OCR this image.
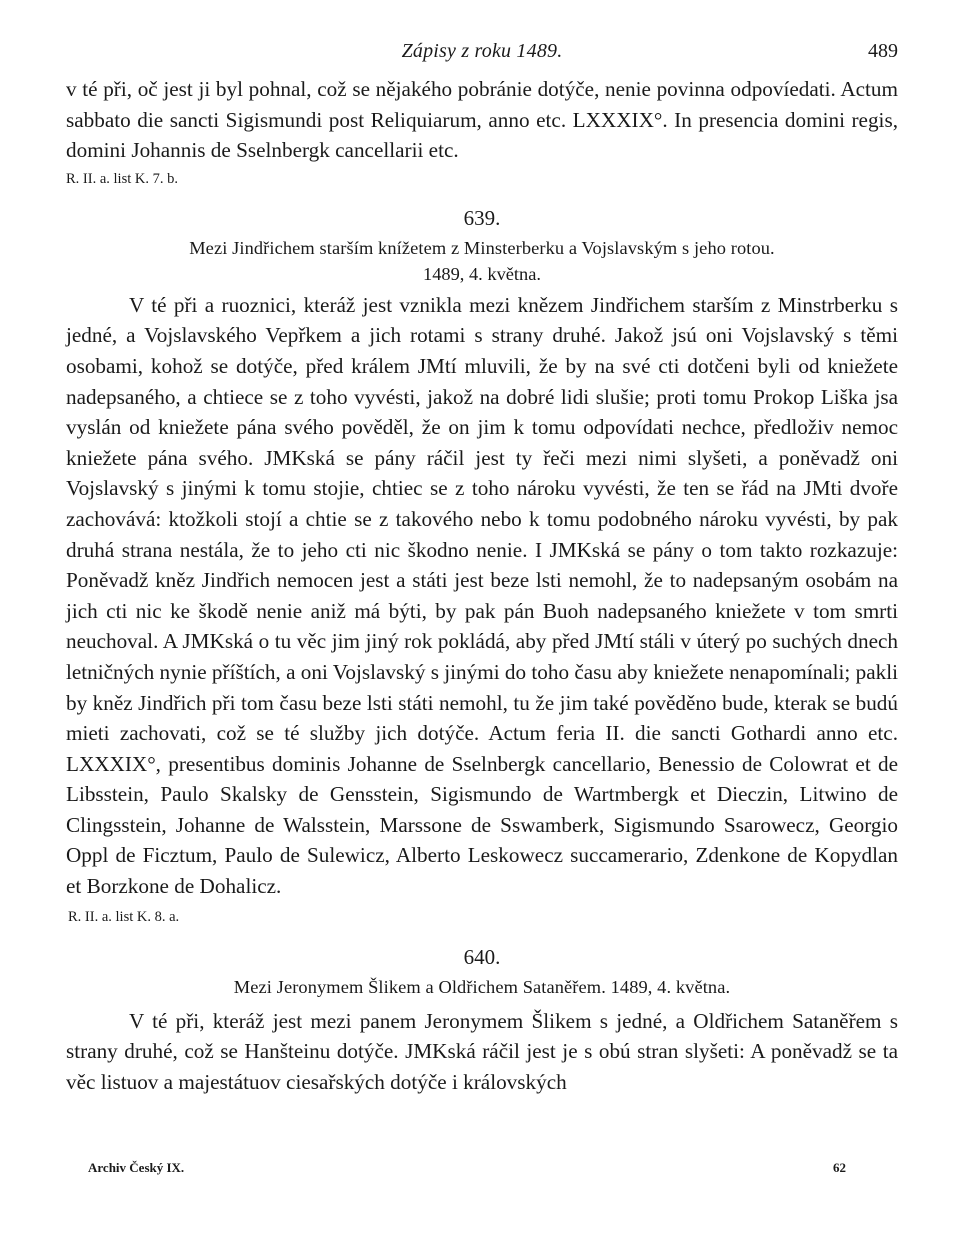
Zápisy z roku 1489.	489

v té při, oč jest ji byl pohnal, což se nějakého pobránie dotýče, nenie povinna odpovíedati. Actum sabbato die sancti Sigismundi post Reliquiarum, anno etc. LXXXIX°. In presencia domini regis, domini Johannis de Sselnbergk cancellarii etc.

R. II. a. list K. 7. b.

639.

Mezi Jindřichem starším knížetem z Minsterberku a Vojslavským s jeho rotou.

1489, 4. května.

V té při a ruoznici, kteráž jest vznikla mezi knězem Jindřichem starším z Minstrberku s jedné, a Vojslavského Vepřkem a jich rotami s strany druhé. Jakož jsú oni Vojslavský s těmi osobami, kohož se dotýče, před králem JMtí mluvili, že by na své cti dotčeni byli od kniežete nadepsaného, a chtiece se z toho vyvésti, jakož na dobré lidi slušie; proti tomu Prokop Liška jsa vyslán od kniežete pána svého pověděl, že on jim k tomu odpovídati nechce, předloživ nemoc kniežete pána svého. JMKská se pány ráčil jest ty řeči mezi nimi slyšeti, a poněvadž oni Vojslavský s jinými k tomu stojie, chtiec se z toho nároku vyvésti, že ten se řád na JMti dvoře zachovává: ktožkoli stojí a chtie se z takového nebo k tomu podobného nároku vyvésti, by pak druhá strana nestála, že to jeho cti nic škodno nenie. I JMKská se pány o tom takto rozkazuje: Poněvadž kněz Jindřich nemocen jest a státi jest beze lsti nemohl, že to nadepsaným osobám na jich cti nic ke škodě nenie aniž má býti, by pak pán Buoh nadepsaného kniežete v tom smrti neuchoval. A JMKská o tu věc jim jiný rok pokládá, aby před JMtí stáli v úterý po suchých dnech letničných nynie příštích, a oni Vojslavský s jinými do toho času aby kniežete nenapomínali; pakli by kněz Jindřich při tom času beze lsti státi nemohl, tu že jim také pověděno bude, kterak se budú mieti zachovati, což se té služby jich dotýče. Actum feria II. die sancti Gothardi anno etc. LXXXIX°, presentibus dominis Johanne de Sselnbergk cancellario, Benessio de Colowrat et de Libsstein, Paulo Skalsky de Gensstein, Sigismundo de Wartmbergk et Dieczin, Litwino de Clingsstein, Johanne de Walsstein, Marssone de Sswamberk, Sigismundo Ssarowecz, Georgio Oppl de Ficztum, Paulo de Sulewicz, Alberto Leskowecz succamerario, Zdenkone de Kopydlan et Borzkone de Dohalicz.

R. II. a. list K. 8. a.

640.

Mezi Jeronymem Šlikem a Oldřichem Sataněřem. 1489, 4. května.

V té při, kteráž jest mezi panem Jeronymem Šlikem s jedné, a Oldřichem Sataněřem s strany druhé, což se Hanšteinu dotýče. JMKská ráčil jest je s obú stran slyšeti: A poněvadž se ta věc listuov a majestátuov ciesařských dotýče i královských

Archiv Český IX.	62
